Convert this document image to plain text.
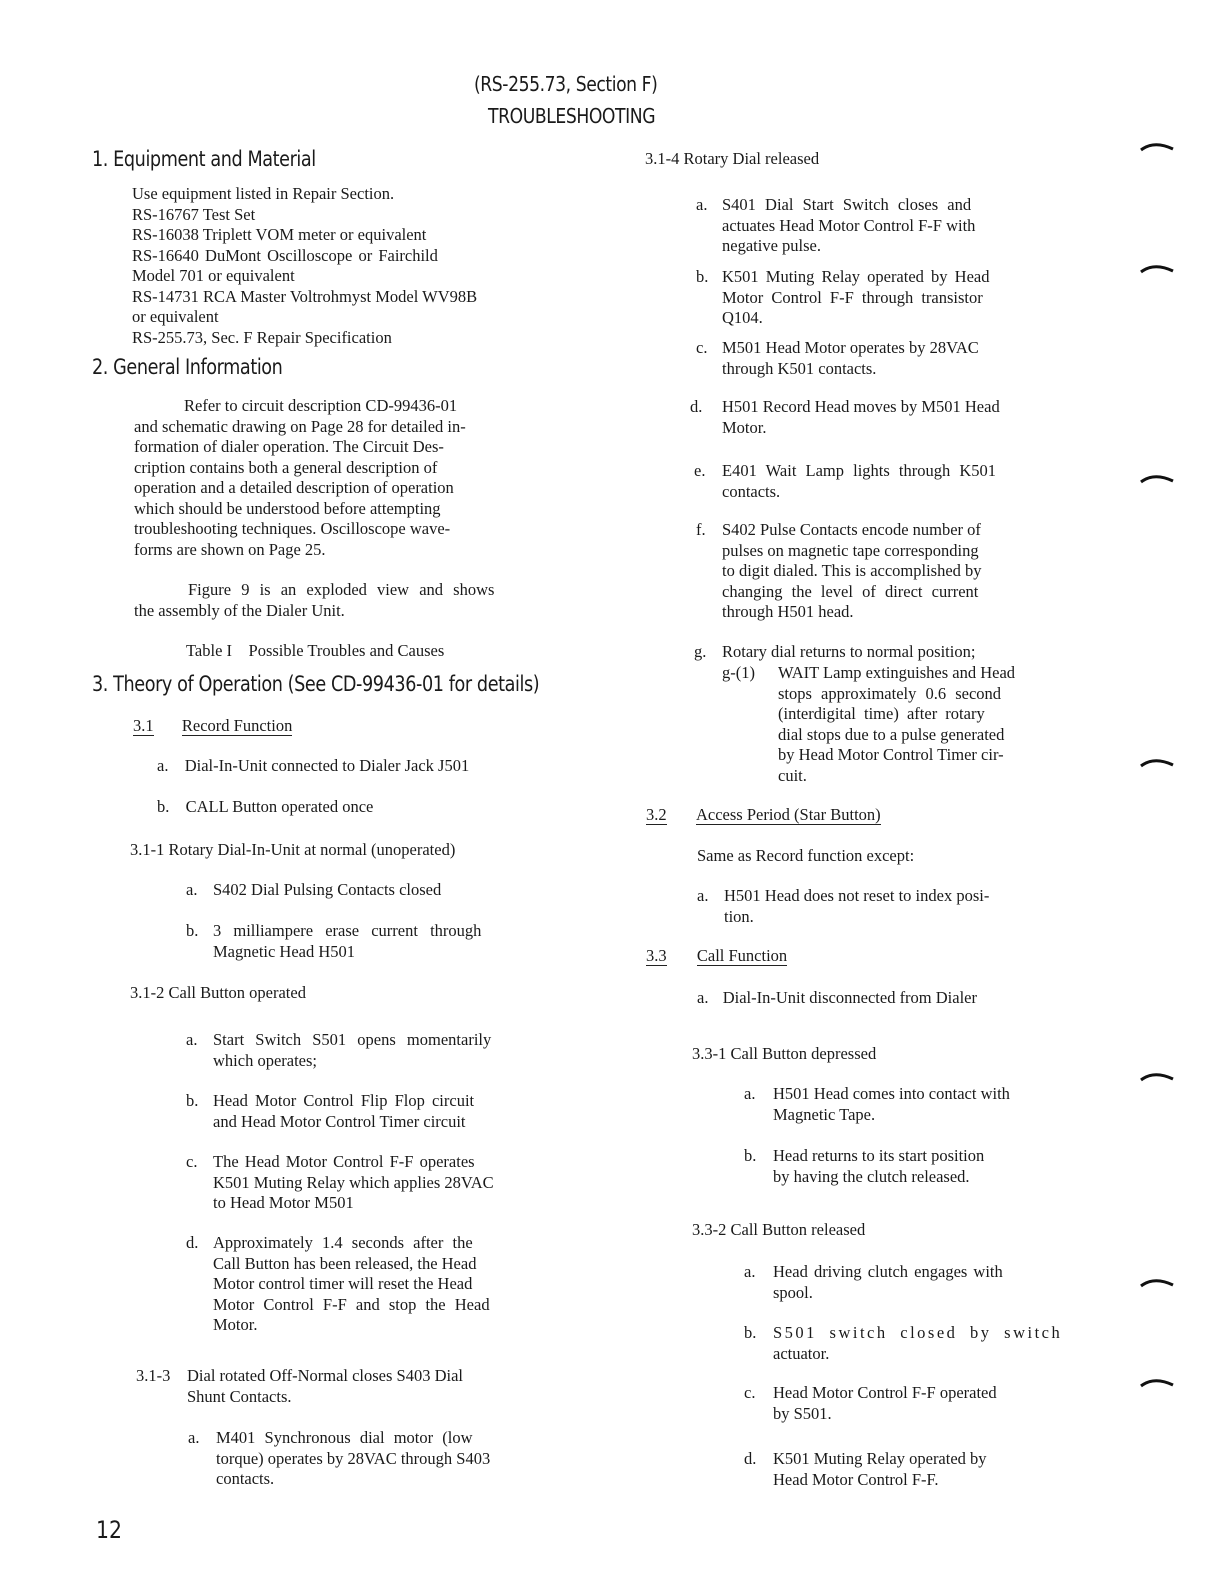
(RS-255.73, Section F)
TROUBLESHOOTING
1. Equipment and Material
Use equipment listed in Repair Section.
RS-16767 Test Set
RS-16038 Triplett VOM meter or equivalent
RS-16640 DuMont Oscilloscope or Fairchild
Model 701 or equivalent
RS-14731 RCA Master Voltrohmyst Model WV98B
or equivalent
RS-255.73, Sec. F Repair Specification
2. General Information
Refer to circuit description CD-99436-01
and schematic drawing on Page 28 for detailed in-
formation of dialer operation. The Circuit Des-
cription contains both a general description of
operation and a detailed description of operation
which should be understood before attempting
troubleshooting techniques. Oscilloscope wave-
forms are shown on Page 25.
Figure 9 is an exploded view and shows
the assembly of the Dialer Unit.
Table I    Possible Troubles and Causes
3. Theory of Operation (See CD-99436-01 for details)
3.1 Record Function
a. Dial-In-Unit connected to Dialer Jack J501
b. CALL Button operated once
3.1-1 Rotary Dial-In-Unit at normal (unoperated)
a. S402 Dial Pulsing Contacts closed
b. 3 milliampere erase current through
Magnetic Head H501
3.1-2 Call Button operated
a. Start Switch S501 opens momentarily
which operates;
b. Head Motor Control Flip Flop circuit
and Head Motor Control Timer circuit
c. The Head Motor Control F-F operates
K501 Muting Relay which applies 28VAC
to Head Motor M501
d. Approximately 1.4 seconds after the
Call Button has been released, the Head
Motor control timer will reset the Head
Motor Control F-F and stop the Head
Motor.
3.1-3 Dial rotated Off-Normal closes S403 Dial
Shunt Contacts.
a. M401 Synchronous dial motor (low
torque) operates by 28VAC through S403
contacts.
12
3.1-4 Rotary Dial released
a. S401 Dial Start Switch closes and
actuates Head Motor Control F-F with
negative pulse.
b. K501 Muting Relay operated by Head
Motor Control F-F through transistor
Q104.
c. M501 Head Motor operates by 28VAC
through K501 contacts.
d. H501 Record Head moves by M501 Head
Motor.
e. E401 Wait Lamp lights through K501
contacts.
f. S402 Pulse Contacts encode number of
pulses on magnetic tape corresponding
to digit dialed. This is accomplished by
changing the level of direct current
through H501 head.
g. Rotary dial returns to normal position;
g-(1) WAIT Lamp extinguishes and Head
stops approximately 0.6 second
(interdigital time) after rotary
dial stops due to a pulse generated
by Head Motor Control Timer cir-
cuit.
3.2 Access Period (Star Button)
Same as Record function except:
a. H501 Head does not reset to index posi-
tion.
3.3 Call Function
a. Dial-In-Unit disconnected from Dialer
3.3-1 Call Button depressed
a. H501 Head comes into contact with
Magnetic Tape.
b. Head returns to its start position
by having the clutch released.
3.3-2 Call Button released
a. Head driving clutch engages with
spool.
b. S501 switch closed by switch
actuator.
c. Head Motor Control F-F operated
by S501.
d. K501 Muting Relay operated by
Head Motor Control F-F.
